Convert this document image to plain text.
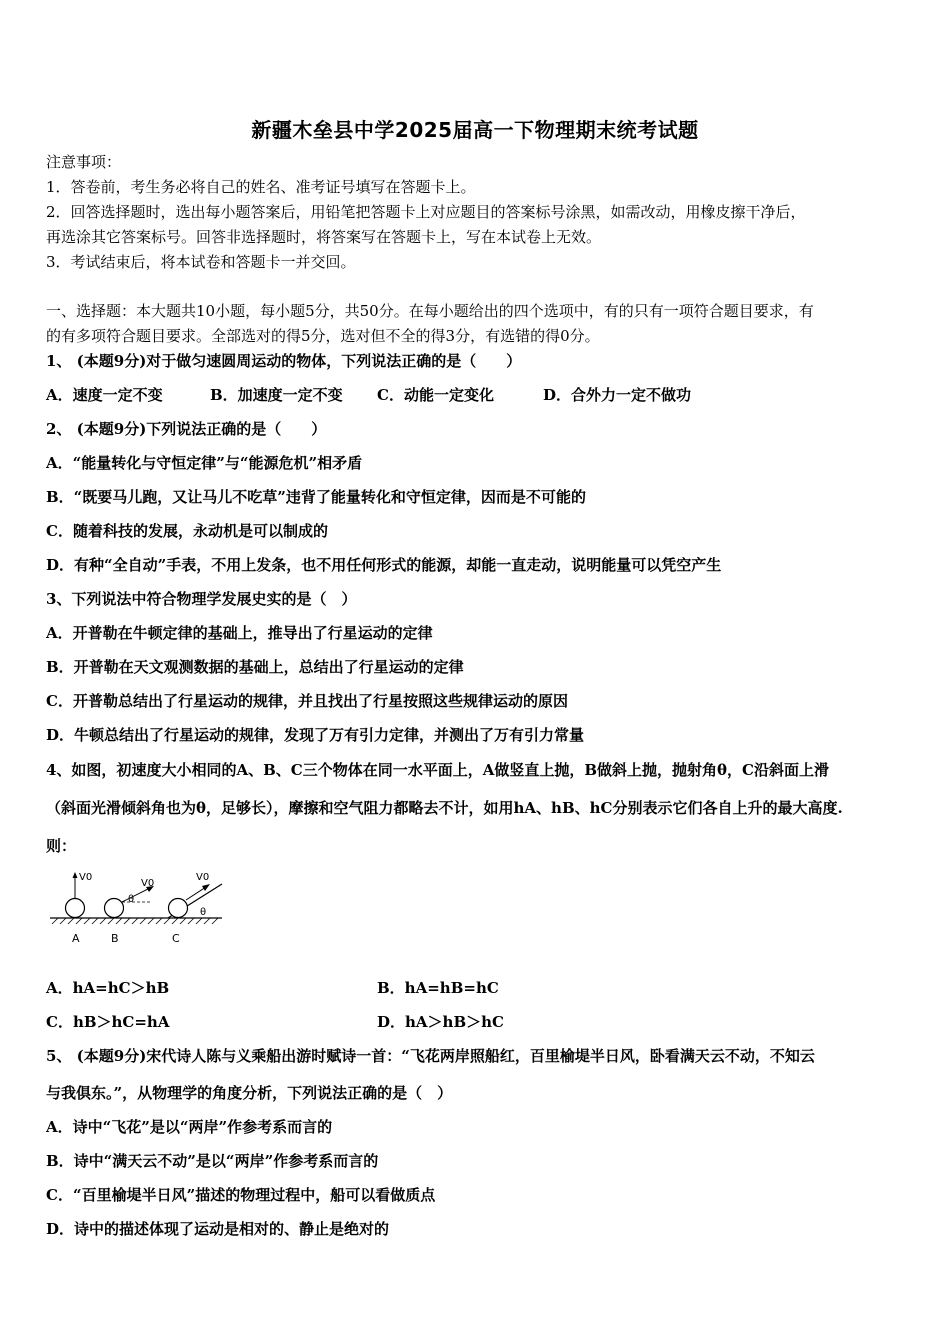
新疆木垒县中学2025届高一下物理期末统考试题
注意事项：
1．答卷前，考生务必将自己的姓名、准考证号填写在答题卡上。
2．回答选择题时，选出每小题答案后，用铅笔把答题卡上对应题目的答案标号涂黑，如需改动，用橡皮擦干净后，
再选涂其它答案标号。回答非选择题时，将答案写在答题卡上，写在本试卷上无效。
3．考试结束后，将本试卷和答题卡一并交回。
一、选择题：本大题共10小题，每小题5分，共50分。在每小题给出的四个选项中，有的只有一项符合题目要求，有
的有多项符合题目要求。全部选对的得5分，选对但不全的得3分，有选错的得0分。
1、 (本题9分)对于做匀速圆周运动的物体，下列说法正确的是（　　）
A．速度一定不变	B．加速度一定不变 C．动能一定变化	D．合外力一定不做功
2、 (本题9分)下列说法正确的是（　　）
A．“能量转化与守恒定律”与“能源危机”相矛盾
B．“既要马儿跑，又让马儿不吃草”违背了能量转化和守恒定律，因而是不可能的
C．随着科技的发展，永动机是可以制成的
D．有种“全自动”手表，不用上发条，也不用任何形式的能源，却能一直走动，说明能量可以凭空产生
3、下列说法中符合物理学发展史实的是（　）
A．开普勒在牛顿定律的基础上，推导出了行星运动的定律
B．开普勒在天文观测数据的基础上，总结出了行星运动的定律
C．开普勒总结出了行星运动的规律，并且找出了行星按照这些规律运动的原因
D．牛顿总结出了行星运动的规律，发现了万有引力定律，并测出了万有引力常量
4、如图，初速度大小相同的A、B、C三个物体在同一水平面上，A做竖直上抛，B做斜上抛，抛射角θ，C沿斜面上滑
（斜面光滑倾斜角也为θ，足够长），摩擦和空气阻力都略去不计，如用hA、hB、hC分别表示它们各自上升的最大高度.
则：
V0
V0
θ
V0
θ
A	B	C
A．hA=hC＞hB	B．hA=hB=hC
C．hB＞hC=hA	D．hA＞hB＞hC
5、 (本题9分)宋代诗人陈与义乘船出游时赋诗一首：“飞花两岸照船红，百里榆堤半日风，卧看满天云不动，不知云
与我俱东。”，从物理学的角度分析，下列说法正确的是（　）
A．诗中“飞花”是以“两岸”作参考系而言的
B．诗中“满天云不动”是以“两岸”作参考系而言的
C．“百里榆堤半日风”描述的物理过程中，船可以看做质点
D．诗中的描述体现了运动是相对的、静止是绝对的
